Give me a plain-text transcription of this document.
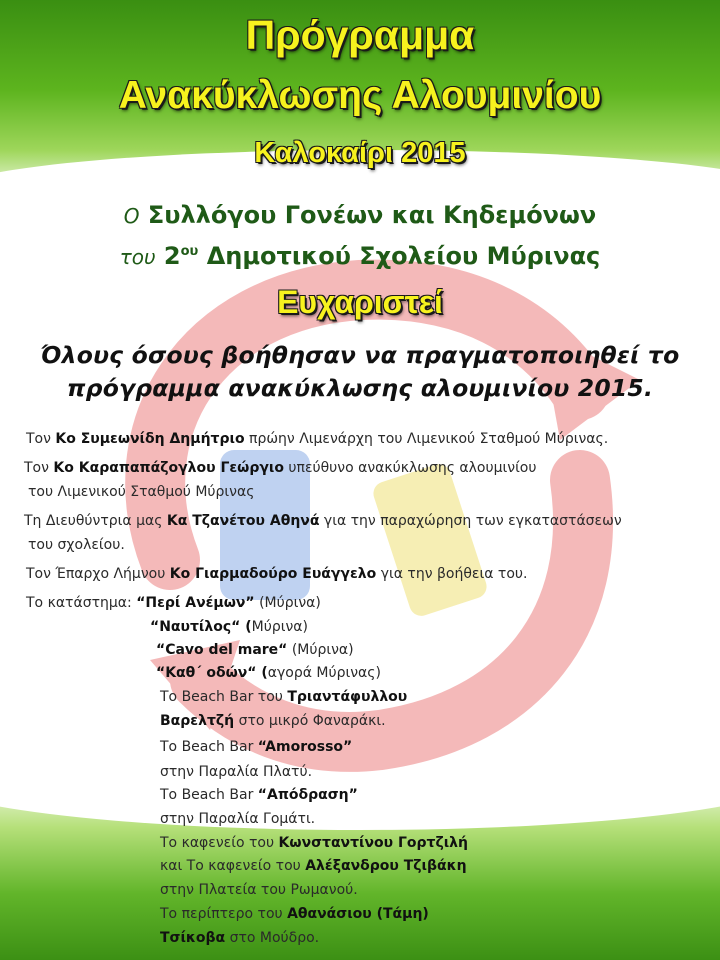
Πρόγραμμα
Ανακύκλωσης Αλουμινίου
Καλοκαίρι 2015

Ο Συλλόγου Γονέων και Κηδεμόνων

του $2^{o\upsilon}$ Δημοτικού Σχολείου Μύρινας

Ευχαριστεί

Όλους όσους βοήθησαν να πραγματοποιηθεί το

πρόγραμμα ανακύκλωσης αλουμινίου 2015.

Τον Κο Συμεωνίδη Δημήτριο πρώην Λιμενάρχη του Λιμενικού Σταθμού Μύρινας.
Τον Κο Καραπαπάζογλου Γεώργιο υπεύθυνο ανακύκλωσης αλουμινίου
του Λιμενικού Σταθμού Μύρινας
Τη Διευθύντρια μας Κα Τζανέτου Αθηνά για την παραχώρηση των εγκαταστάσεων
του σχολείου.
Τον Έπαρχο Λήμνου Κο Γιαρμαδούρο Ευάγγελο για την βοήθεια του.
Το κατάστημα: “Περί Ανέμων” (Μύρινα)
“Ναυτίλος“ (Μύρινα)
“Cavo del mare“ (Μύρινα)
“Καθ΄ οδών“ (αγορά Μύρινας)
Το Beach Bar του Τριαντάφυλλου
Βαρελτζή στο μικρό Φαναράκι.
Το Beach Bar “Amorosso”
στην Παραλία Πλατύ.
Το Beach Bar “Απόδραση”
στην Παραλία Γομάτι.
Το καφενείο του Κωνσταντίνου Γορτζιλή
και Το καφενείο του Αλέξανδρου Τζιβάκη
στην Πλατεία του Ρωμανού.
Το περίπτερο του Αθανάσιου (Τάμη)
Τσίκοβα στο Μούδρο.
